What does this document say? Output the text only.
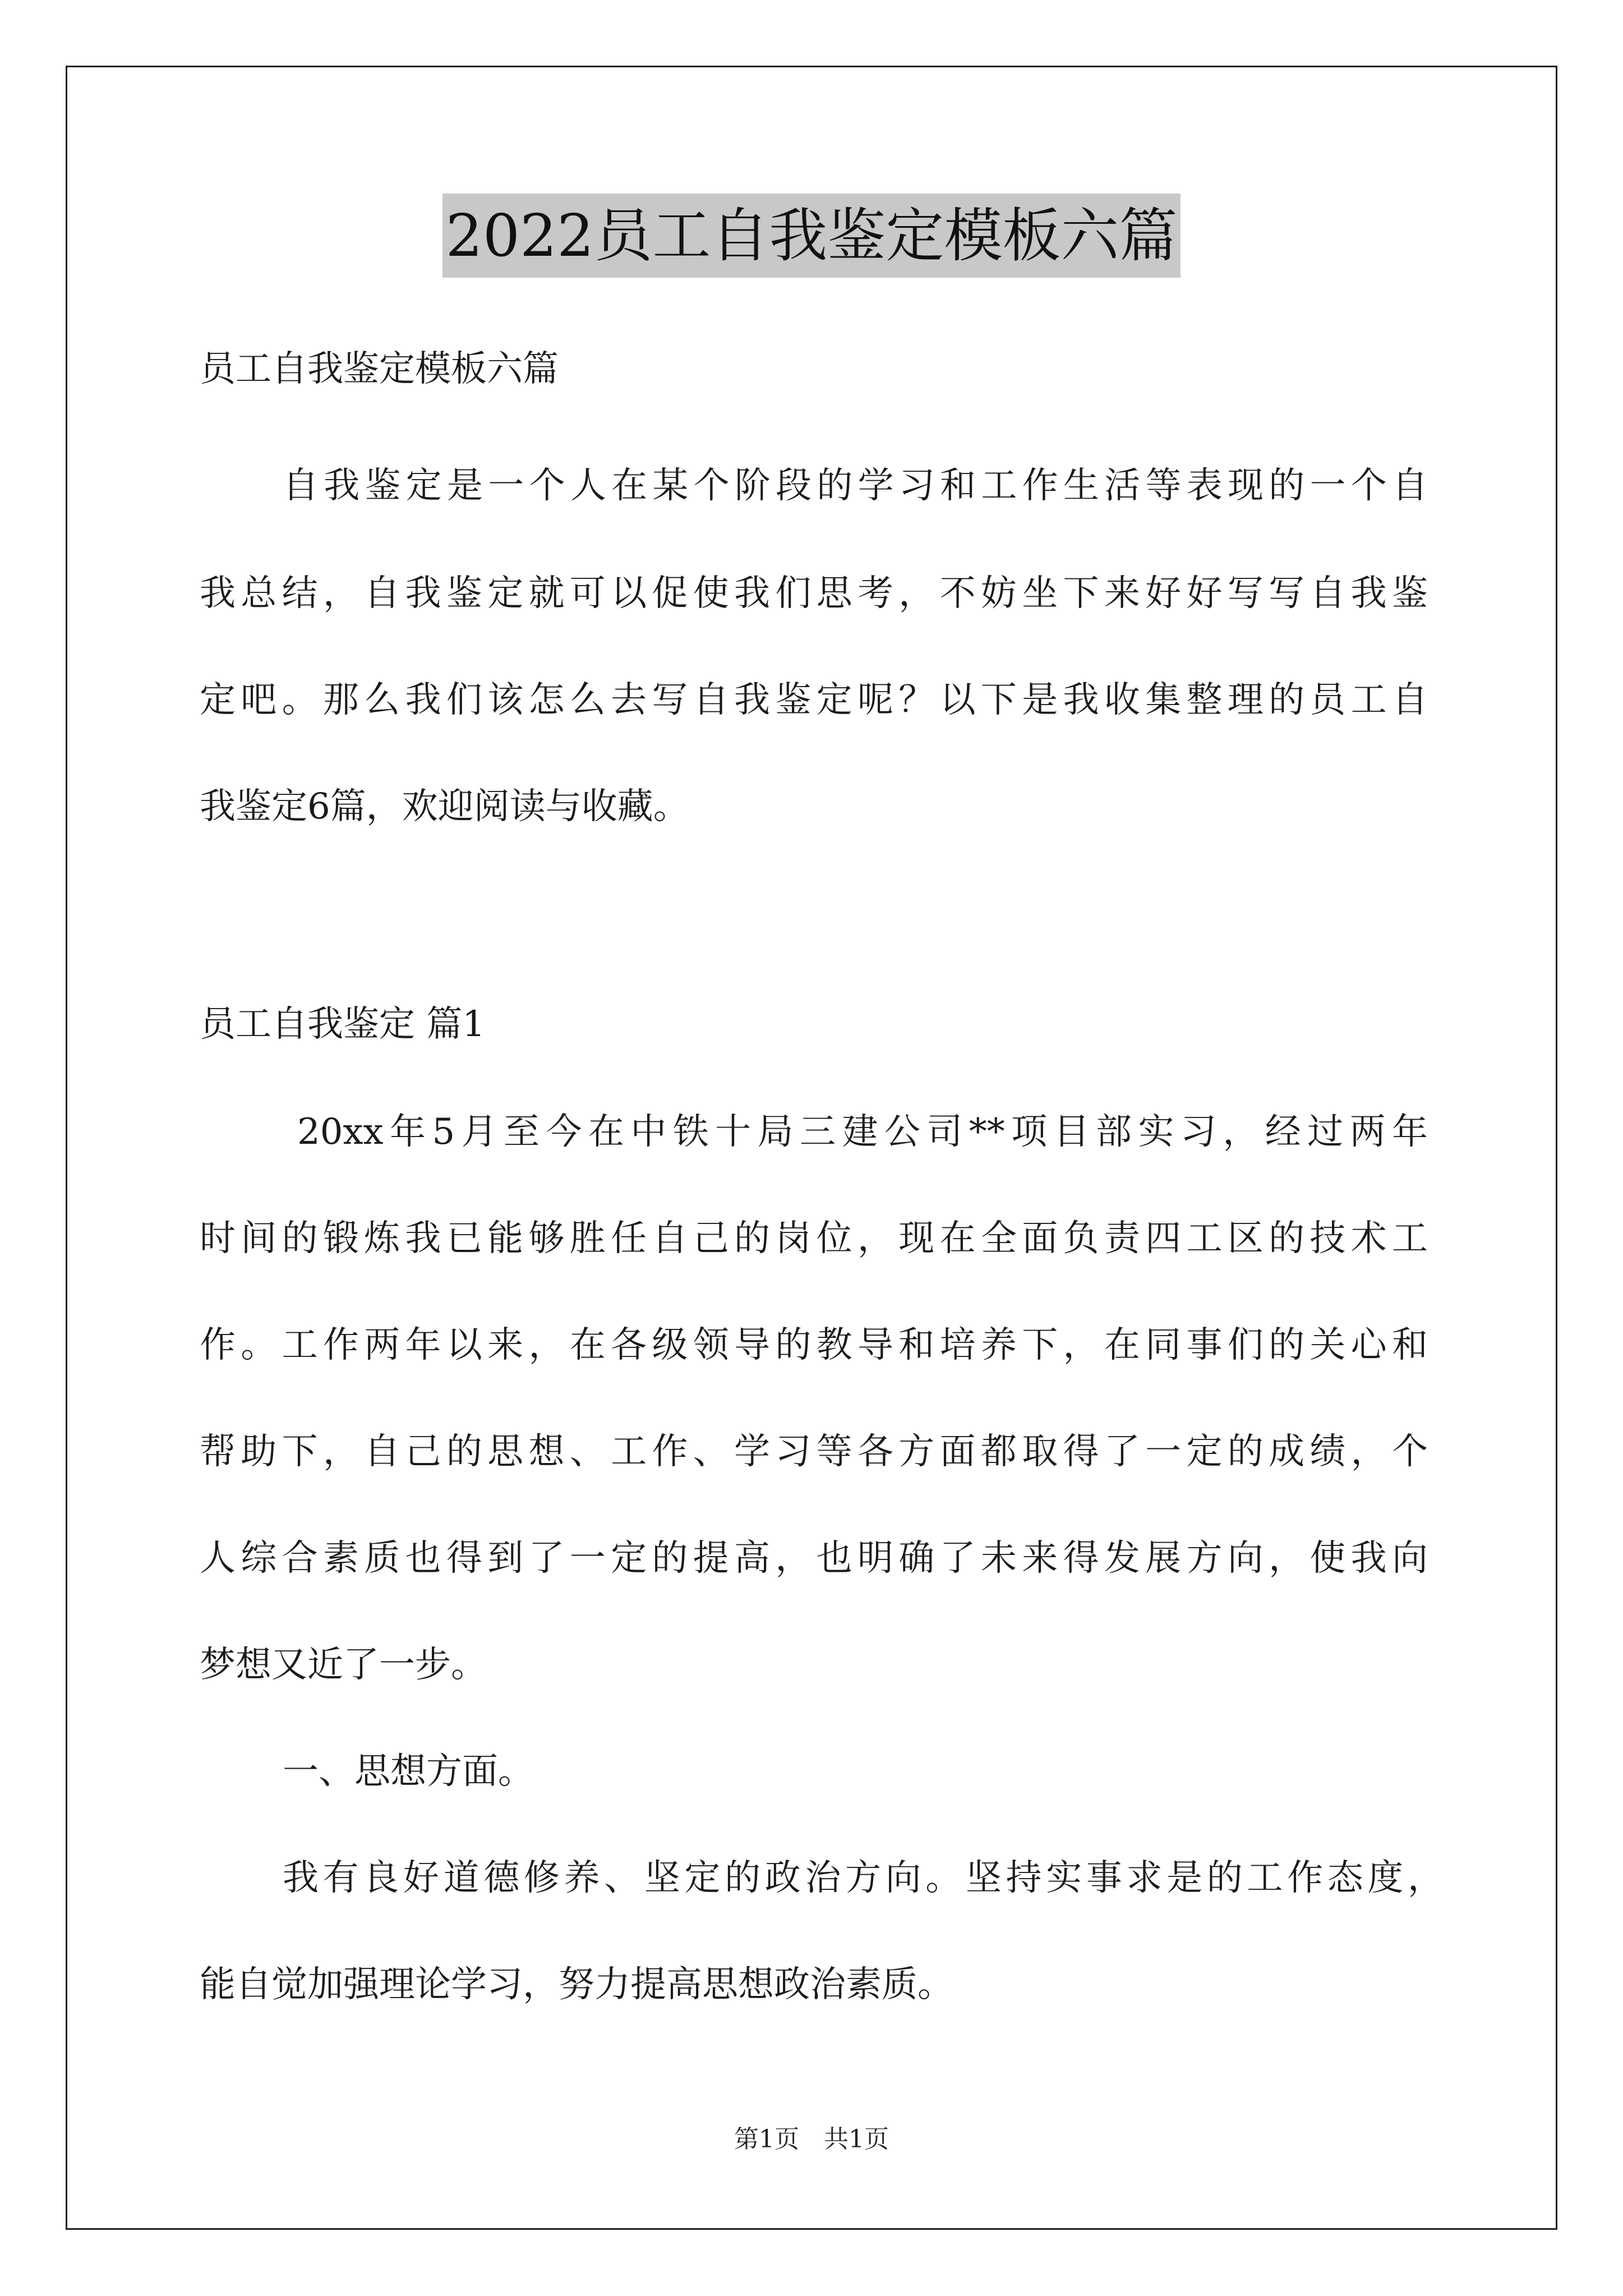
2022员工自我鉴定模板六篇
员工自我鉴定模板六篇
自我鉴定是一个人在某个阶段的学习和工作生活等表现的一个自
我总结，自我鉴定就可以促使我们思考，不妨坐下来好好写写自我鉴
定吧。那么我们该怎么去写自我鉴定呢？以下是我收集整理的员工自
我鉴定6篇，欢迎阅读与收藏。
员工自我鉴定 篇1
20xx年5月至今在中铁十局三建公司**项目部实习，经过两年
时间的锻炼我已能够胜任自己的岗位，现在全面负责四工区的技术工
作。工作两年以来，在各级领导的教导和培养下，在同事们的关心和
帮助下，自己的思想、工作、学习等各方面都取得了一定的成绩，个
人综合素质也得到了一定的提高，也明确了未来得发展方向，使我向
梦想又近了一步。
一、思想方面。
我有良好道德修养、坚定的政治方向。坚持实事求是的工作态度，
能自觉加强理论学习，努力提高思想政治素质。
第1页 共1页
